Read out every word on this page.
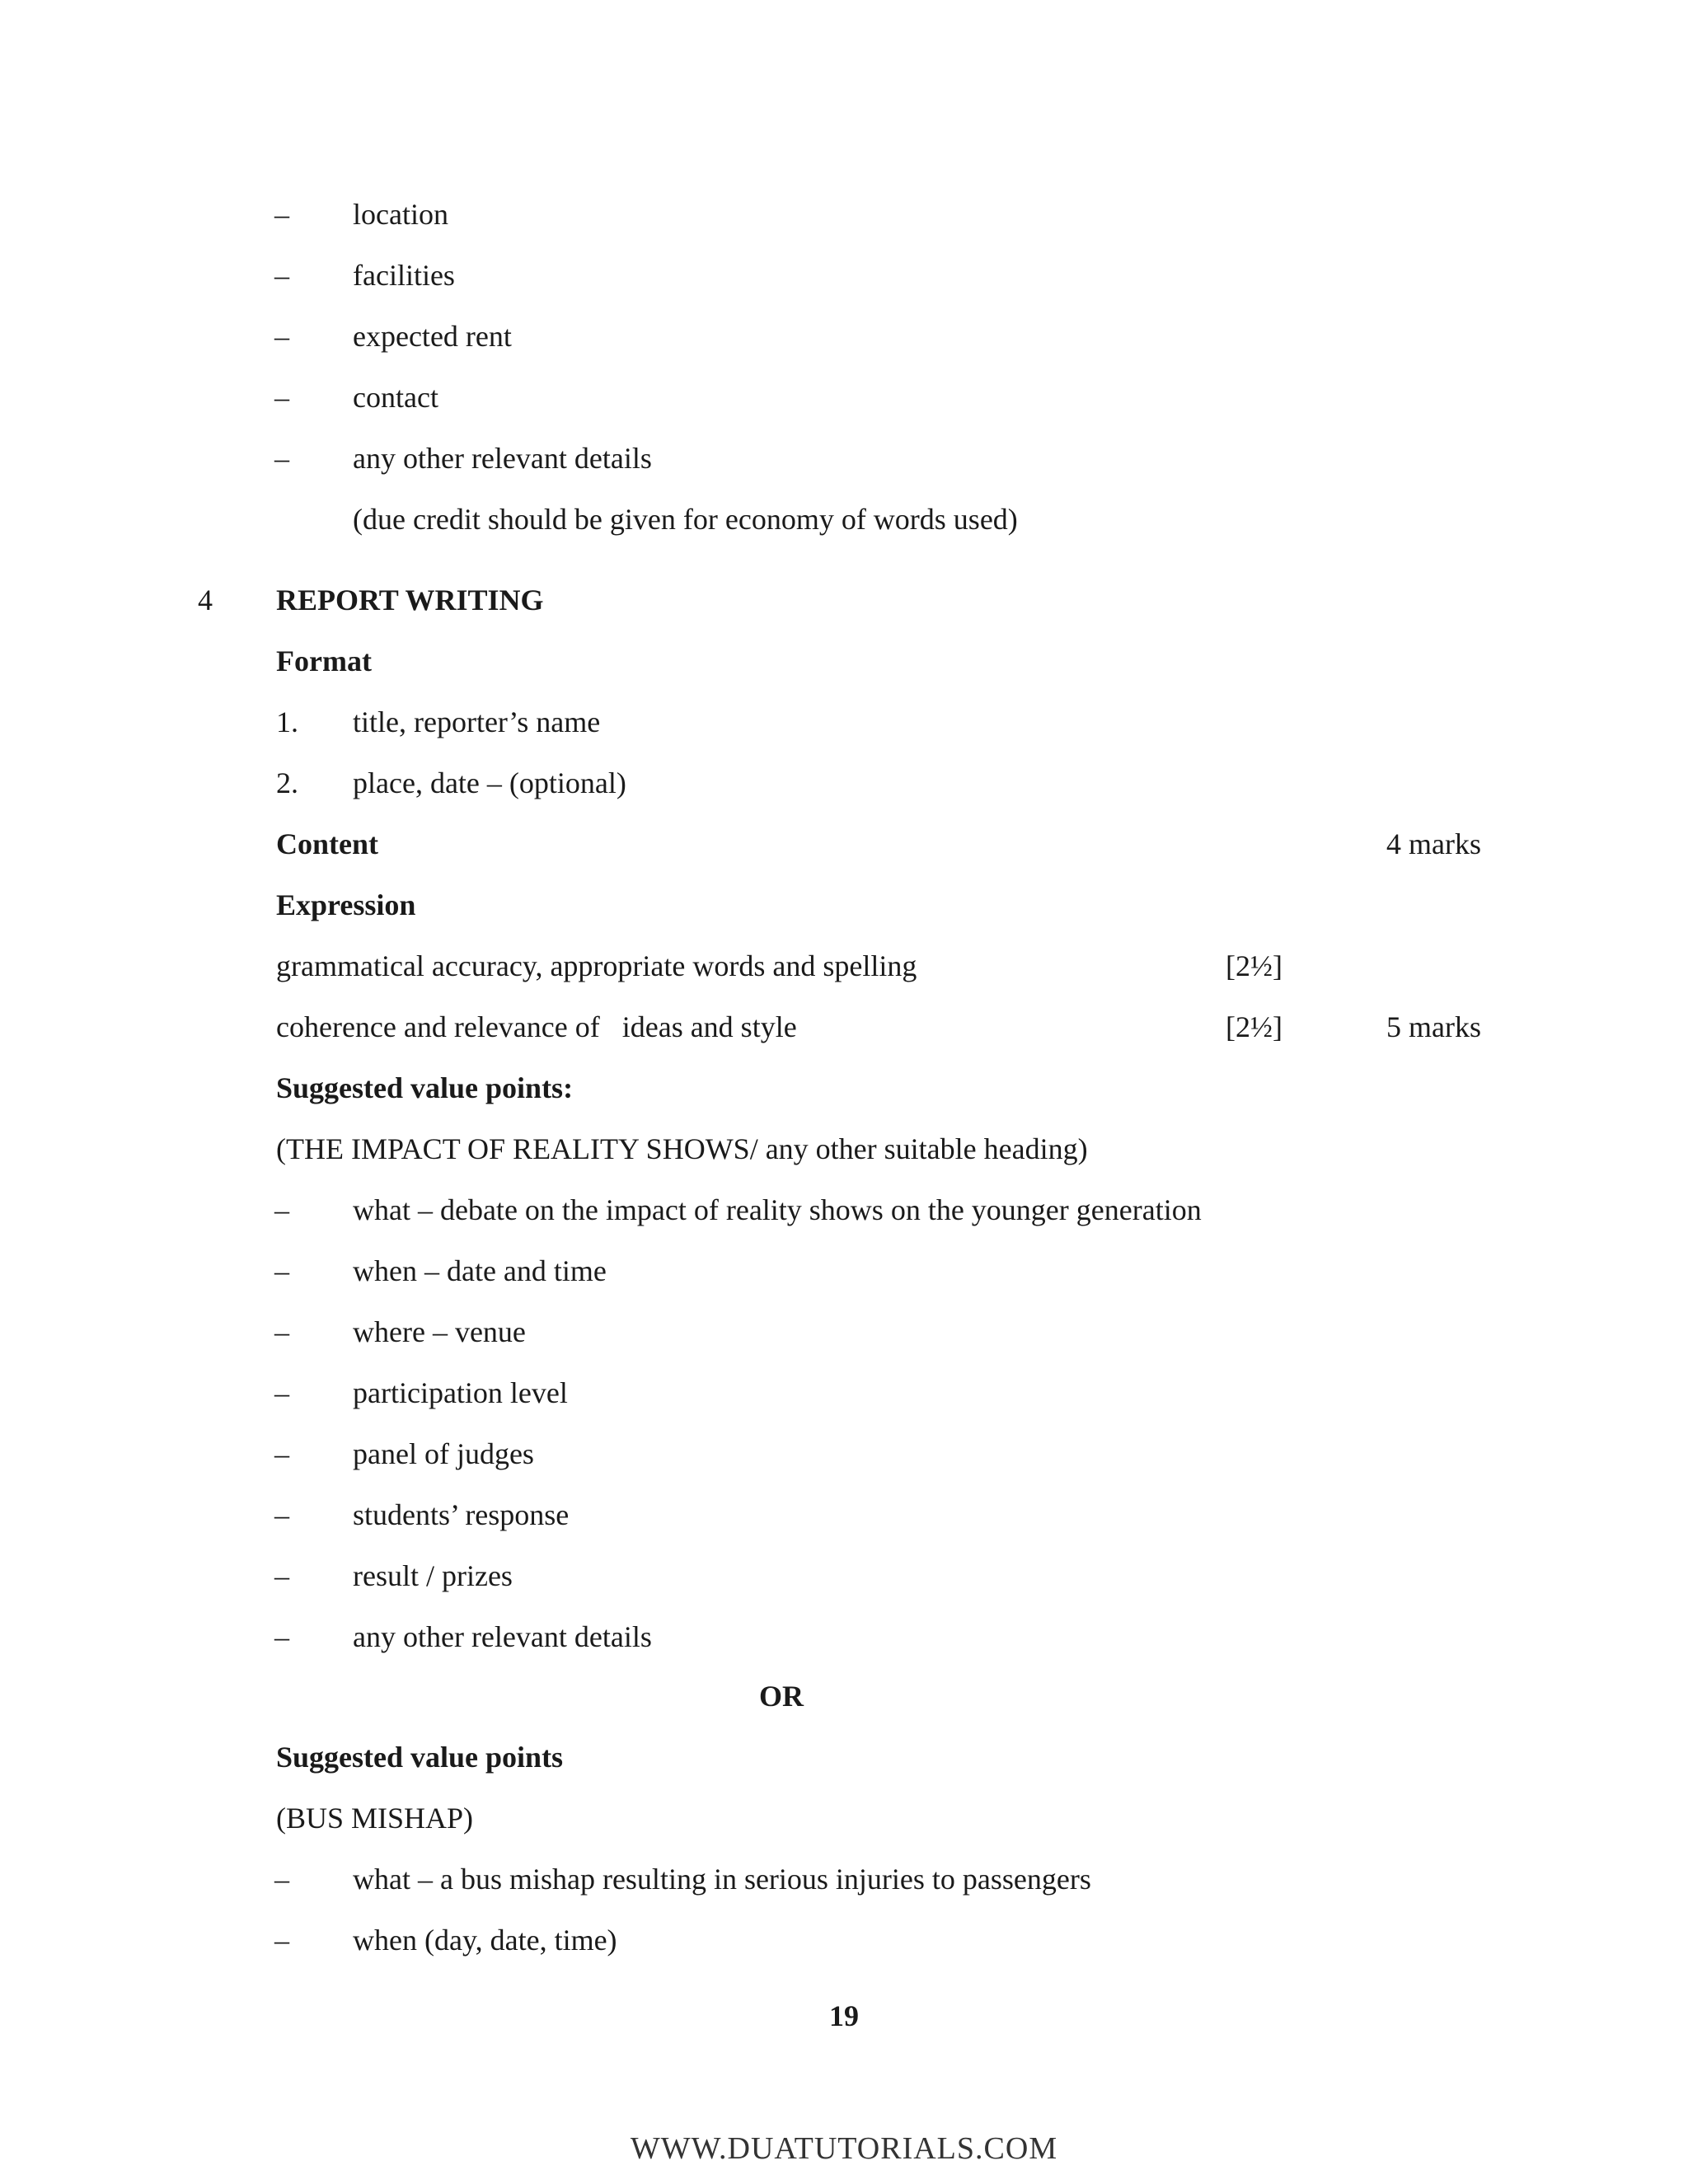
– location
– facilities
– expected rent
– contact
– any other relevant details
(due credit should be given for economy of words used)
4 REPORT WRITING
Format
1. title, reporter’s name
2. place, date – (optional)
Content	4 marks
Expression
grammatical accuracy, appropriate words and spelling	[2½]
coherence and relevance of   ideas and style	[2½]	5 marks
Suggested value points:
(THE IMPACT OF REALITY SHOWS/ any other suitable heading)
– what – debate on the impact of reality shows on the younger generation
– when – date and time
– where – venue
– participation level
– panel of judges
– students’ response
– result / prizes
– any other relevant details
OR
Suggested value points
(BUS MISHAP)
– what – a bus mishap resulting in serious injuries to passengers
– when (day, date, time)
19
WWW.DUATUTORIALS.COM
